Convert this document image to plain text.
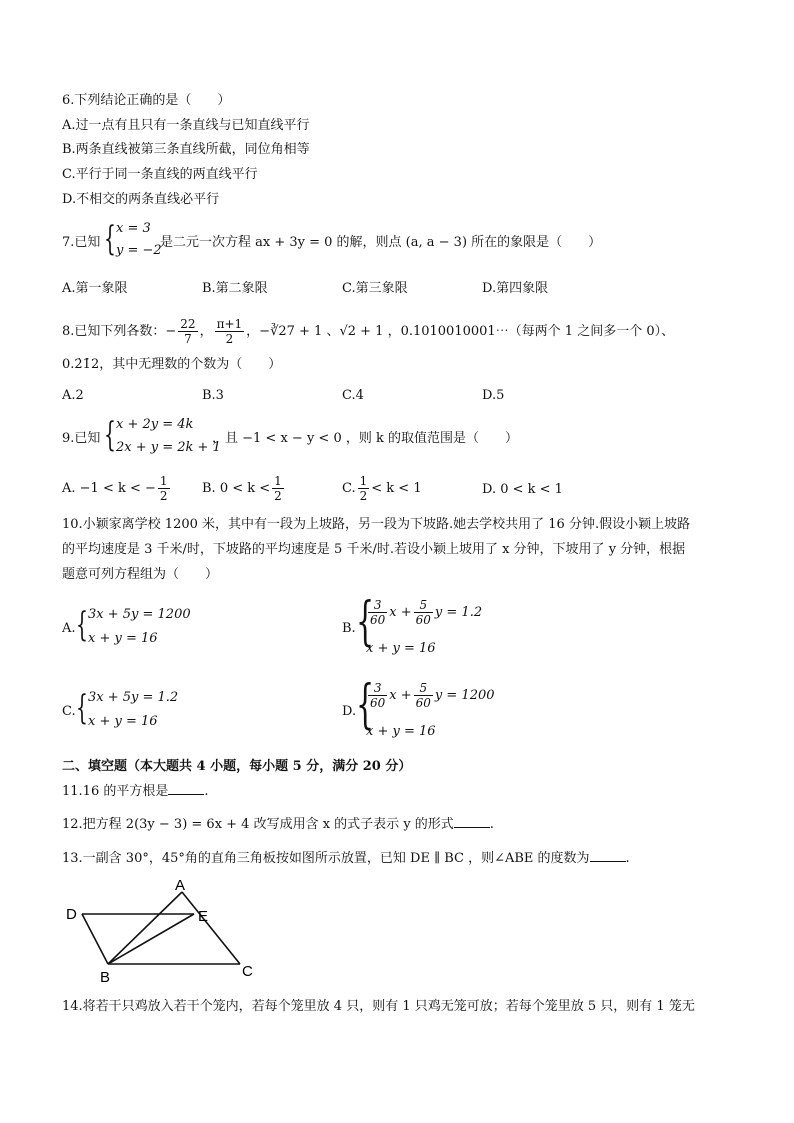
6.下列结论正确的是（　　）
A.过一点有且只有一条直线与已知直线平行
B.两条直线被第三条直线所截，同位角相等
C.平行于同一条直线的两直线平行
D.不相交的两条直线必平行
7.已知 { x = 3
y = −2
是二元一次方程 ax + 3y = 0 的解，则点 (a, a − 3) 所在的象限是（　　）
A.第一象限	B.第二象限	C.第三象限	D.第四象限
8.已知下列各数：− $\frac{22}{7}$ ， $\frac{\pi+1}{2}$ ，−∛27 + 1 、√2 + 1 ，0.1010010001⋯（每两个 1 之间多一个 0）、
0.2̇1̇2，其中无理数的个数为（　　）
A.2	B.3	C.4	D.5
9.已知 { x + 2y = 4k
2x + y = 2k + 1
，且 −1 < x − y < 0 ，则 k 的取值范围是（　　）
A. −1 < k < − $\frac{1}{2} B$. $0 < k < \frac{1}{2}$	C. $\frac{1}{2} < k < 1$	D. 0 < k < 1
10.小颖家离学校 1200 米，其中有一段为上坡路，另一段为下坡路.她去学校共用了 16 分钟.假设小颖上坡路
的平均速度是 3 千米/时，下坡路的平均速度是 5 千米/时.若设小颖上坡用了 x 分钟，下坡用了 y 分钟，根据
题意可列方程组为（　　）
A. { 3x + 5y = 1200
x + y = 16
B. {
$\frac{3}{60}$ $x + \frac{5}{60}$ y = 1.2
x + y = 16
C. { 3x + 5y = 1.2
x + y = 16
D. {
$\frac{3}{60}$ $x + \frac{5}{60}$ y = 1200
x + y = 16
二、填空题（本大题共 4 小题，每小题 5 分，满分 20 分）
11.16 的平方根是	.
12.把方程 2(3y − 3) = 6x + 4 改写成用含 x 的式子表示 y 的形式	.
13.一副含 30°，45°角的直角三角板按如图所示放置，已知 DE ∥ BC ，则∠ABE 的度数为	.
A
D	E
B	C
14.将若干只鸡放入若干个笼内，若每个笼里放 4 只，则有 1 只鸡无笼可放；若每个笼里放 5 只，则有 1 笼无
